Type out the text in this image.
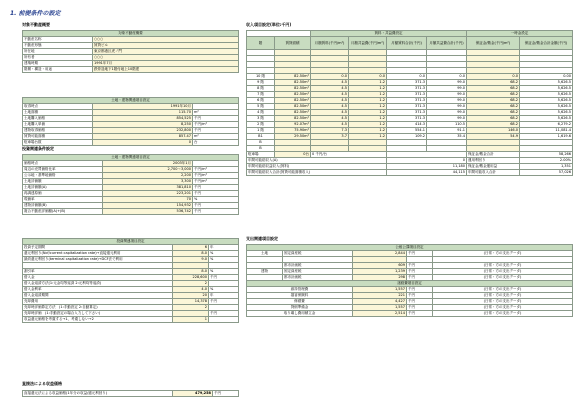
1. 前提条件の設定
対象不動産概要
対象不動産概要	
不動産名称	○○○
不動産形態	賃貸ビル
所在地	東京都港区虎ノ門
所有者	○○○
建築時期	1991年7月
階層・構造・用途	鉄骨造地下1階付地上10階建
土地・建物関連項目設定		
取得時点	1991年10月	
土地面積	115.70	m²
土地購入価格	854,525	千円
土地購入単価	8,250	千円/m²
建物取得価格	232,800	千円
賃貸可能面積	857.47	m²
駐車場台数	0	台
投資関連条件設定
土地・建物関連項目設定		
価格時点	2003年1月	
周辺の売買価格比率	2,700〜3,000	千円/m²
公示地・基準地価格	2,200	千円/m²
土地評価額	3,300	千円/m²
土地評価額(A)	381,810	千円
再調達原価	223,201	千円
現価率	70	%
建物評価額(B)	154,932	千円
複合不動産評価額(A)+(B)	536,742	千円
投資関連項目設定		
投資予定期間	6	年
還元利回り(Ncf/current capitalization rate)→直接還元利用	8.0	%
最終還元利回り(terminal capitalization rate)→DCF法で利用	9.0	%

割引率	8.0	%
借入金	228,600	千円
借入金返済方法(1:元金均等返済 2:元利均等返済)	2	
借入金利率	4.0	%
借入金返済期間	20	年
売却費用	14,378	千円
売却時評価算定方法　(1:手動設定 2:自動算定)	2	
売却時評価　(1:手動設定の場合入力して下さい)		千円
収益還元価格を考慮する→1、考慮しない→2	1	
直接法による収益価格
直接還元法による収益価格(1年分の収益/還元利回り)	479,258	千円
収入項目設定(単位:千円)
		賃料・共益費設定				一時金設定	
階	賃貸面積	月額賃料(千円/m²)	月額共益費(千円/m²)	月額賃料合計(千円)	月額共益費合計(千円)	保証金/敷金(千円/m²)	保証金/敷金合計金額(千円)

10 階	82.50m²	0.0	0.0	0.0	0.0	0.0	0.00
9 階	82.50m²	4.5	1.2	371.3	99.0	68.2	5,626.5
8 階	82.50m²	4.5	1.2	371.3	99.0	68.2	5,626.5
7 階	82.50m²	4.5	1.2	371.3	99.0	68.2	5,626.5
6 階	82.50m²	4.5	1.2	371.3	99.0	68.2	5,626.5
5 階	82.50m²	4.5	1.2	371.3	99.0	68.2	5,626.5
4 階	82.50m²	4.5	1.2	371.3	99.0	68.2	5,626.5
3 階	82.50m²	4.5	1.2	371.3	99.0	68.2	5,626.5
2 階	92.07m²	4.5	1.2	414.3	110.5	68.2	6,279.2
1 階	75.90m²	7.3	1.2	554.1	91.1	146.0	11,081.4
B1	29.50m²	3.7	1.2	109.2	35.4	54.9	1,619.6
B							
B							
駐車場	0台	0 千円/台				保証金/敷金合計	58,266
年間可能総収入(A)				0		運用利回り	2.00%
年間可能総収益収入(賃料)				11,180		保証金/敷金運用益	1,351
年間可能総収入合計(賃貸可能面積収入)				44,115		年間可能収入合計	57,026
支出関連項目設定
公租公課項目設定				
土地	固定資産税	2,844	千円	(日常・方の支出データ)

	都市計画税	609	千円	(日常・方の支出データ)
建物	固定資産税	1,239	千円	(日常・方の支出データ)
	都市計画税	298	千円	(日常・方の支出データ)
諸経費項目設定			
維持管理費	1,557	千円	(日常・方の支出データ)
損害保険料	221	千円	(日常・方の支出データ)
修繕費	4,427	千円	(日常・方の支出データ)
貸倒準備金	1,557	千円	(日常・方の支出データ)
取り壊し費用積立金	2,514	千円	(日常・方の支出データ)
